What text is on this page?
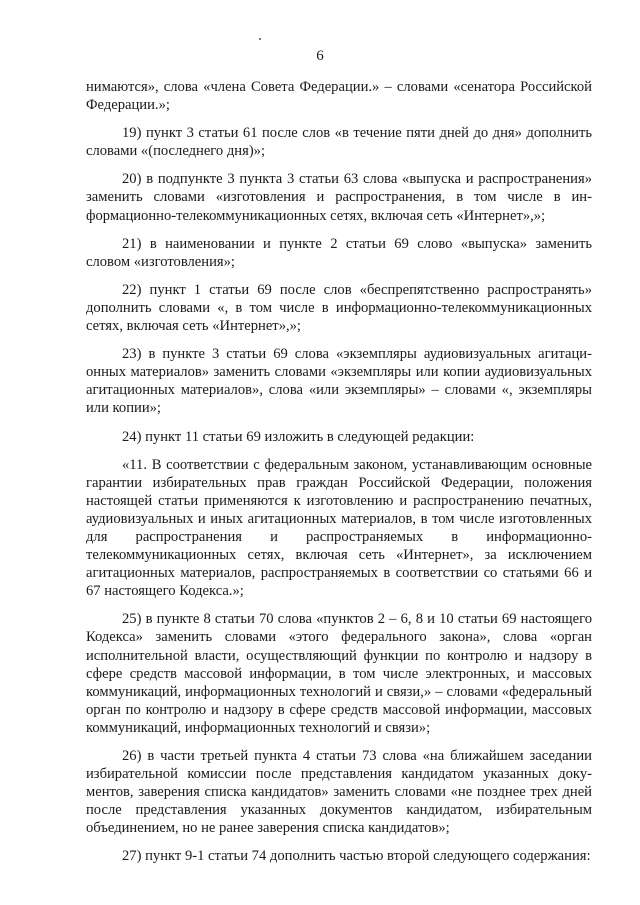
6

нимаются», слова «члена Совета Федерации.» – словами «сенатора Российской Федерации.»;

19) пункт 3 статьи 61 после слов «в течение пяти дней до дня» дополнить словами «(последнего дня)»;

20) в подпункте 3 пункта 3 статьи 63 слова «выпуска и распространения» заменить словами «изготовления и распространения, в том числе в информационно-телекоммуникационных сетях, включая сеть «Интернет»,»;

21) в наименовании и пункте 2 статьи 69 слово «выпуска» заменить словом «изготовления»;

22) пункт 1 статьи 69 после слов «беспрепятственно распространять» дополнить словами «, в том числе в информационно-телекоммуникационных сетях, включая сеть «Интернет»,»;

23) в пункте 3 статьи 69 слова «экземпляры аудиовизуальных агитационных материалов» заменить словами «экземпляры или копии аудиовизуальных агитационных материалов», слова «или экземпляры» – словами «, экземпляры или копии»;

24) пункт 11 статьи 69 изложить в следующей редакции:

«11. В соответствии с федеральным законом, устанавливающим основные гарантии избирательных прав граждан Российской Федерации, положения настоящей статьи применяются к изготовлению и распространению печатных, аудиовизуальных и иных агитационных материалов, в том числе изготовленных для распространения и распространяемых в информационно-телекоммуникационных сетях, включая сеть «Интернет», за исключением агитационных материалов, распространяемых в соответствии со статьями 66 и 67 настоящего Кодекса.»;

25) в пункте 8 статьи 70 слова «пунктов 2 – 6, 8 и 10 статьи 69 настоящего Кодекса» заменить словами «этого федерального закона», слова «орган исполнительной власти, осуществляющий функции по контролю и надзору в сфере средств массовой информации, в том числе электронных, и массовых коммуникаций, информационных технологий и связи,» – словами «федеральный орган по контролю и надзору в сфере средств массовой информации, массовых коммуникаций, информационных технологий и связи»;

26) в части третьей пункта 4 статьи 73 слова «на ближайшем заседании избирательной комиссии после представления кандидатом указанных документов, заверения списка кандидатов» заменить словами «не позднее трех дней после представления указанных документов кандидатом, избирательным объединением, но не ранее заверения списка кандидатов»;

27) пункт 9-1 статьи 74 дополнить частью второй следующего содержания:
